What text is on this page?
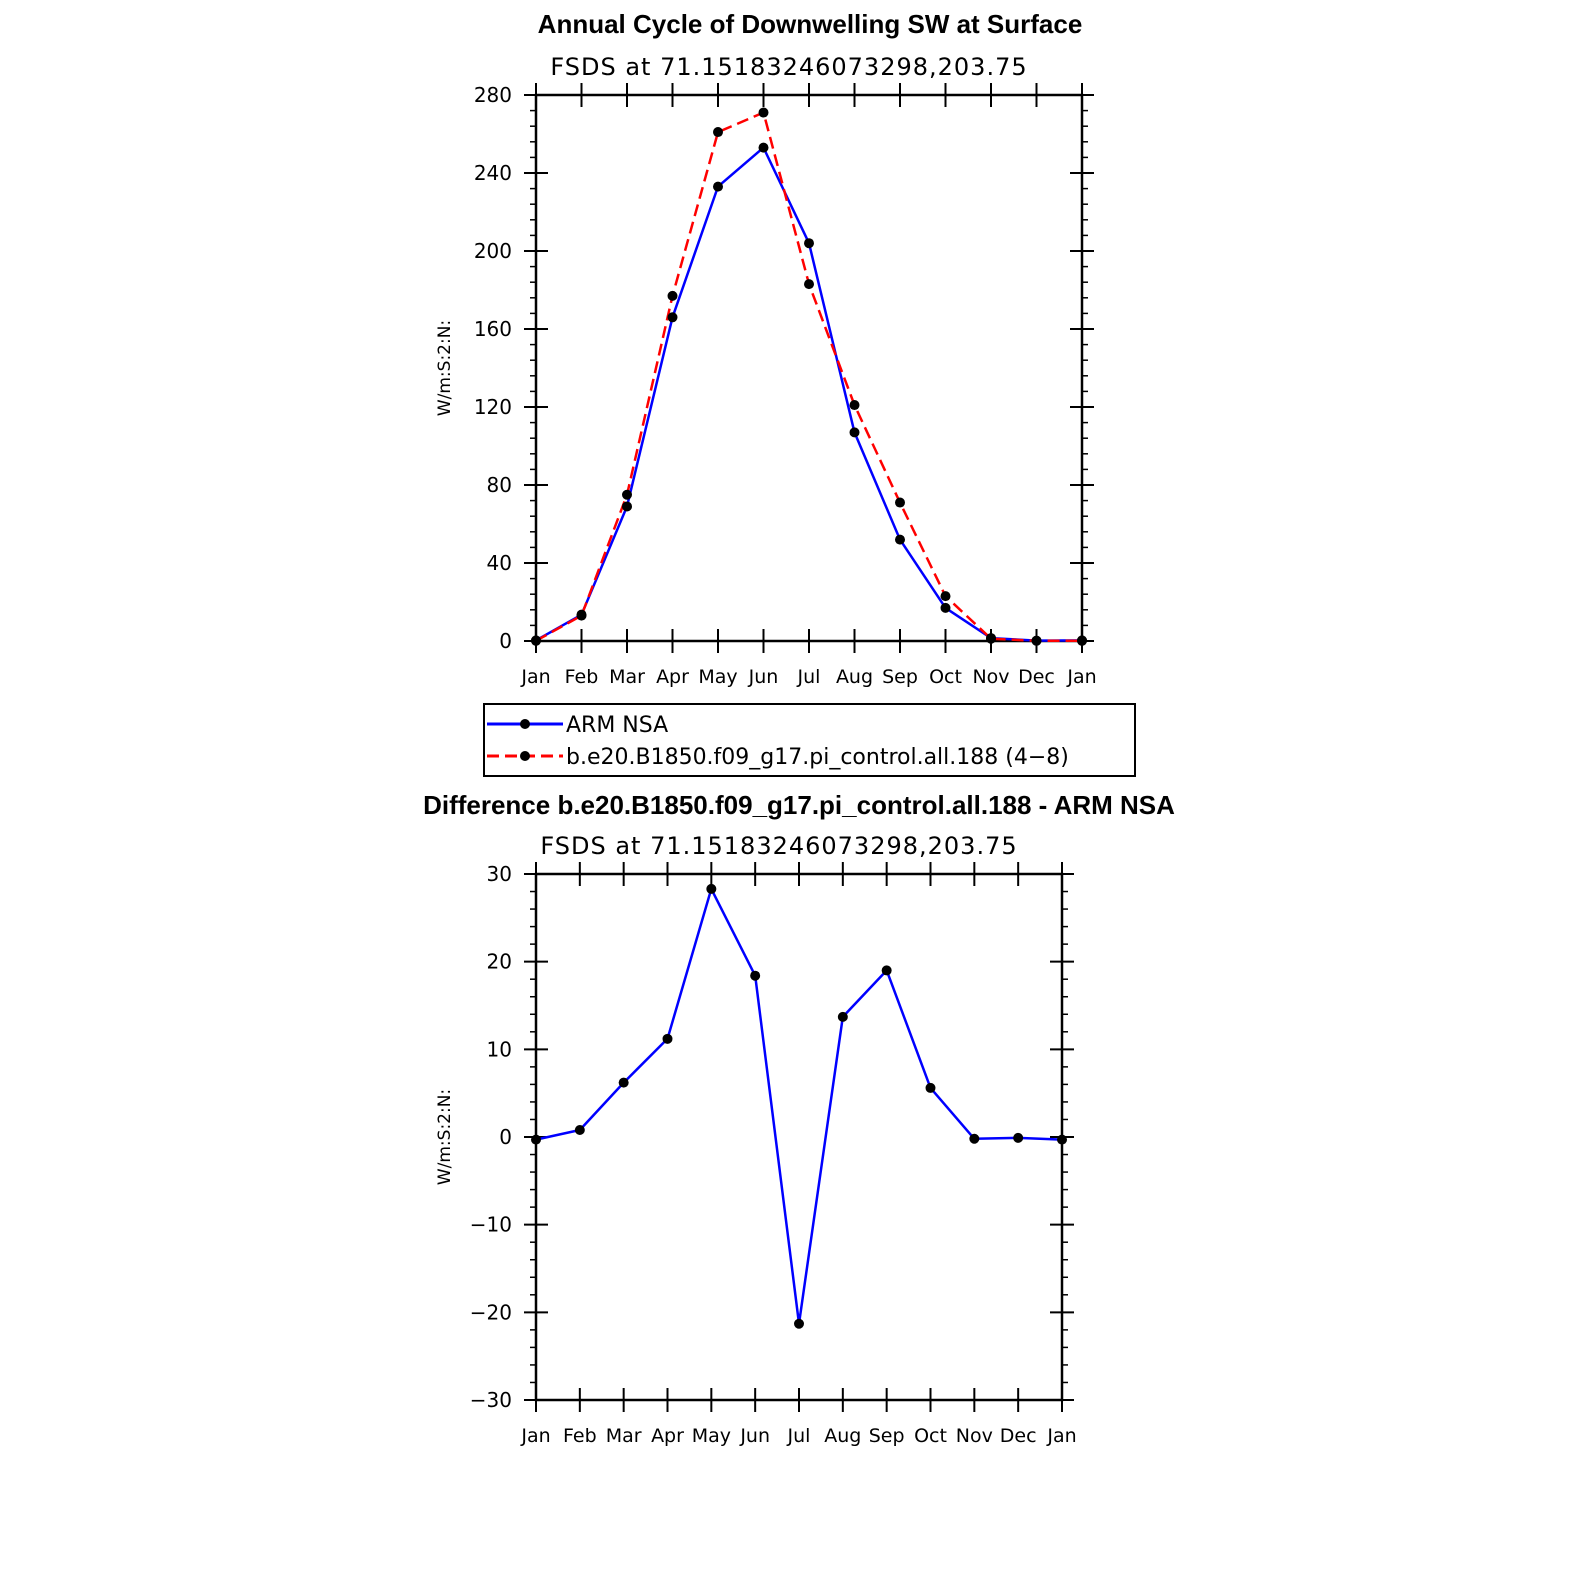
Annual Cycle of Downwelling SW at Surface
FSDS at 71.15183246073298,203.75
W/m:S:2:N:
0
40
80
120
160
200
240
280
Jan Feb Mar Apr May Jun Jul Aug Sep Oct Nov Dec Jan
ARM NSA
b.e20.B1850.f09_g17.pi_control.all.188 (4−8)
Difference b.e20.B1850.f09_g17.pi_control.all.188 - ARM NSA
FSDS at 71.15183246073298,203.75
W/m:S:2:N:
−30
−20
−10
0
10
20
30
Jan Feb Mar Apr May Jun Jul Aug Sep Oct Nov Dec Jan
